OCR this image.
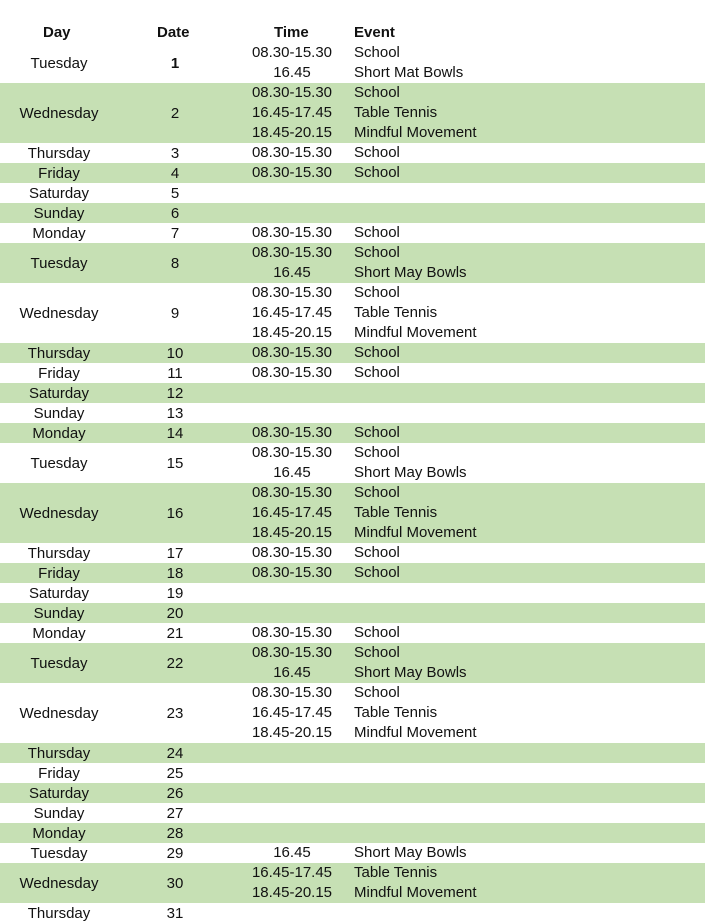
Day	Date	Time	Event
Tuesday	1
08.30-15.30	School
16.45	Short Mat Bowls
Wednesday	2
08.30-15.30	School
16.45-17.45	Table Tennis
18.45-20.15	Mindful Movement
Thursday	3	08.30-15.30	School
Friday	4	08.30-15.30	School
Saturday	5
Sunday	6
Monday	7	08.30-15.30	School
Tuesday	8
08.30-15.30	School
16.45	Short May Bowls
Wednesday	9
08.30-15.30	School
16.45-17.45	Table Tennis
18.45-20.15	Mindful Movement
Thursday	10	08.30-15.30	School
Friday	11	08.30-15.30	School
Saturday	12
Sunday	13
Monday	14	08.30-15.30	School
Tuesday	15
08.30-15.30	School
16.45	Short May Bowls
Wednesday	16
08.30-15.30	School
16.45-17.45	Table Tennis
18.45-20.15	Mindful Movement
Thursday	17	08.30-15.30	School
Friday	18	08.30-15.30	School
Saturday	19
Sunday	20
Monday	21	08.30-15.30	School
Tuesday	22
08.30-15.30	School
16.45	Short May Bowls
Wednesday	23
08.30-15.30	School
16.45-17.45	Table Tennis
18.45-20.15	Mindful Movement
Thursday	24
Friday	25
Saturday	26
Sunday	27
Monday	28
Tuesday	29	16.45	Short May Bowls
Wednesday	30
16.45-17.45	Table Tennis
18.45-20.15	Mindful Movement
Thursday	31
